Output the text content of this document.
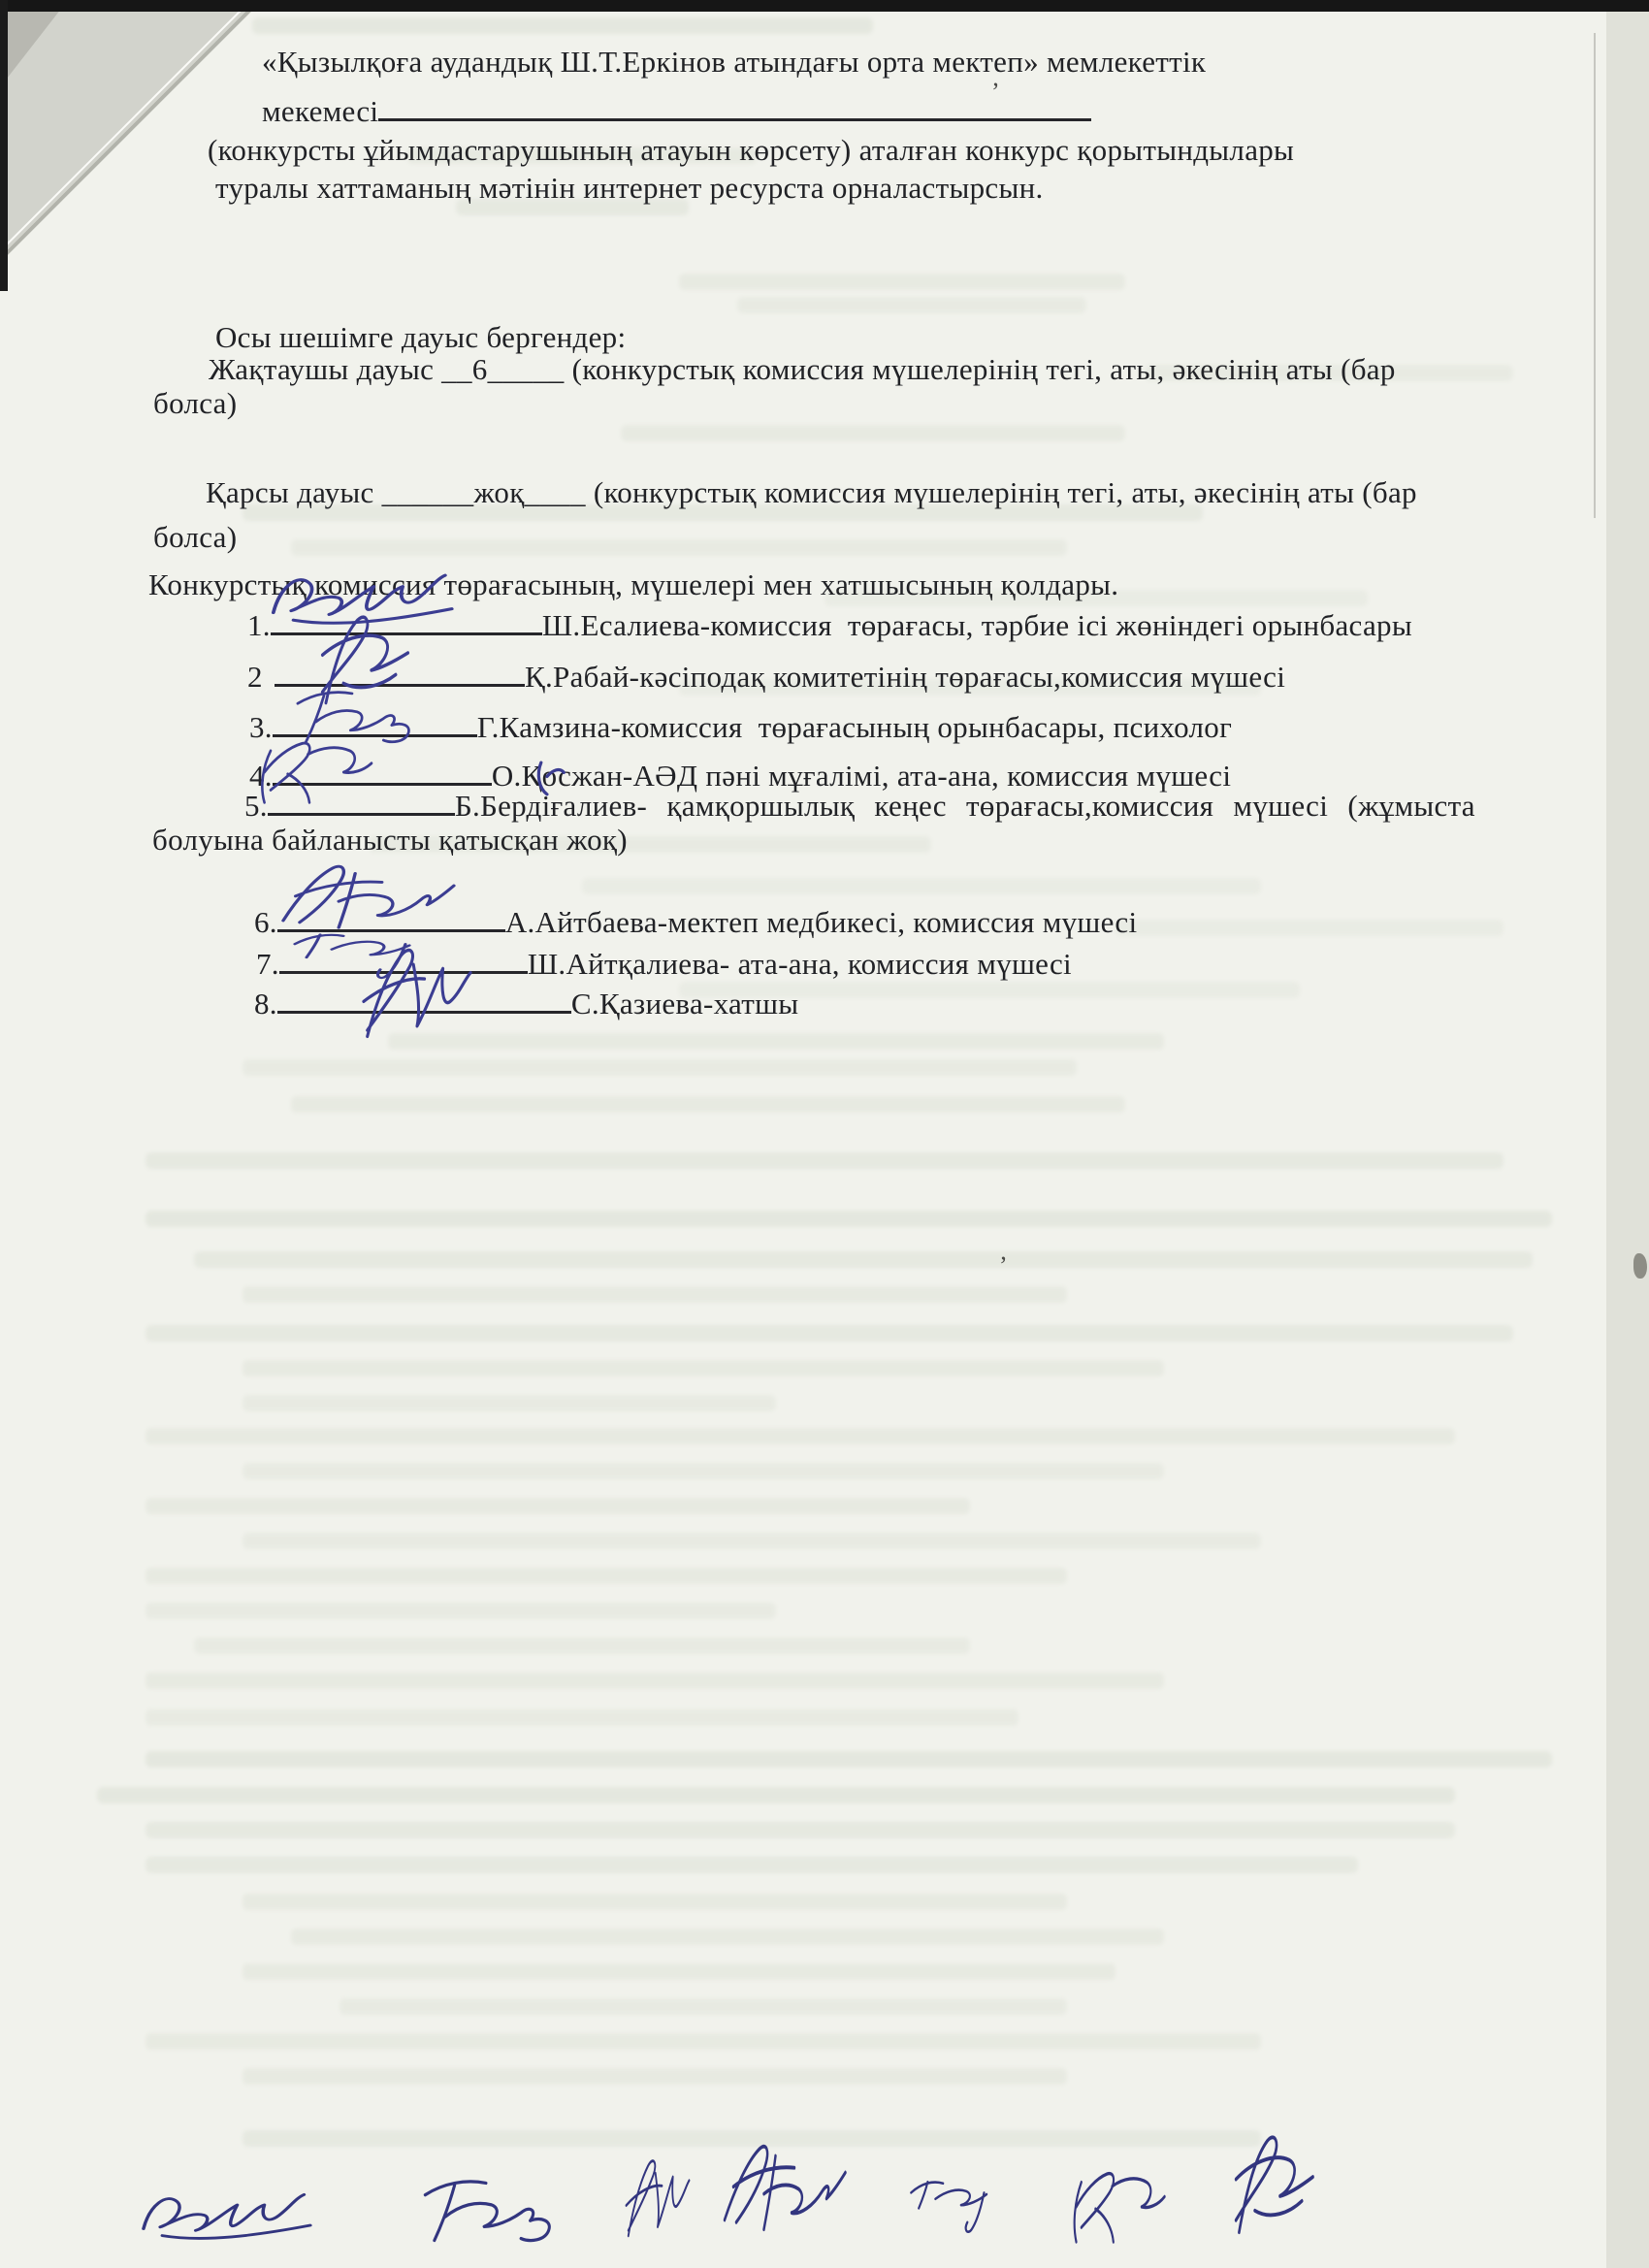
’
’
«Қызылқоға аудандық Ш.Т.Еркінов атындағы орта мектеп» мемлекеттік
мекемесі
(конкурсты ұйымдастарушының атауын көрсету) аталған конкурс қорытындылары
туралы хаттаманың мәтінін интернет ресурста орналастырсын.
Осы шешімге дауыс бергендер:
Жақтаушы дауыс __6_____ (конкурстық комиссия мүшелерінің тегі, аты, әкесінің аты (бар
болса)
Қарсы дауыс ______жоқ____ (конкурстық комиссия мүшелерінің тегі, аты, әкесінің аты (бар
болса)
Конкурстық комиссия төрағасының, мүшелері мен хатшысының қолдары.
1.	Ш.Есалиева-комиссия  төрағасы, тәрбие ісі жөніндегі орынбасары
2	Қ.Рабай-кәсіподақ комитетінің төрағасы,комиссия мүшесі
3.	Г.Камзина-комиссия  төрағасының орынбасары, психолог
4.	О.Қосжан-АӘД пәні мұғалімі, ата-ана, комиссия мүшесі
5.	Б.Бердіғалиев- қамқоршылық кеңес төрағасы,комиссия мүшесі (жұмыста
болуына байланысты қатысқан жоқ)
6.	А.Айтбаева-мектеп медбикесі, комиссия мүшесі
7.	Ш.Айтқалиева- ата-ана, комиссия мүшесі
8.	С.Қазиева-хатшы
